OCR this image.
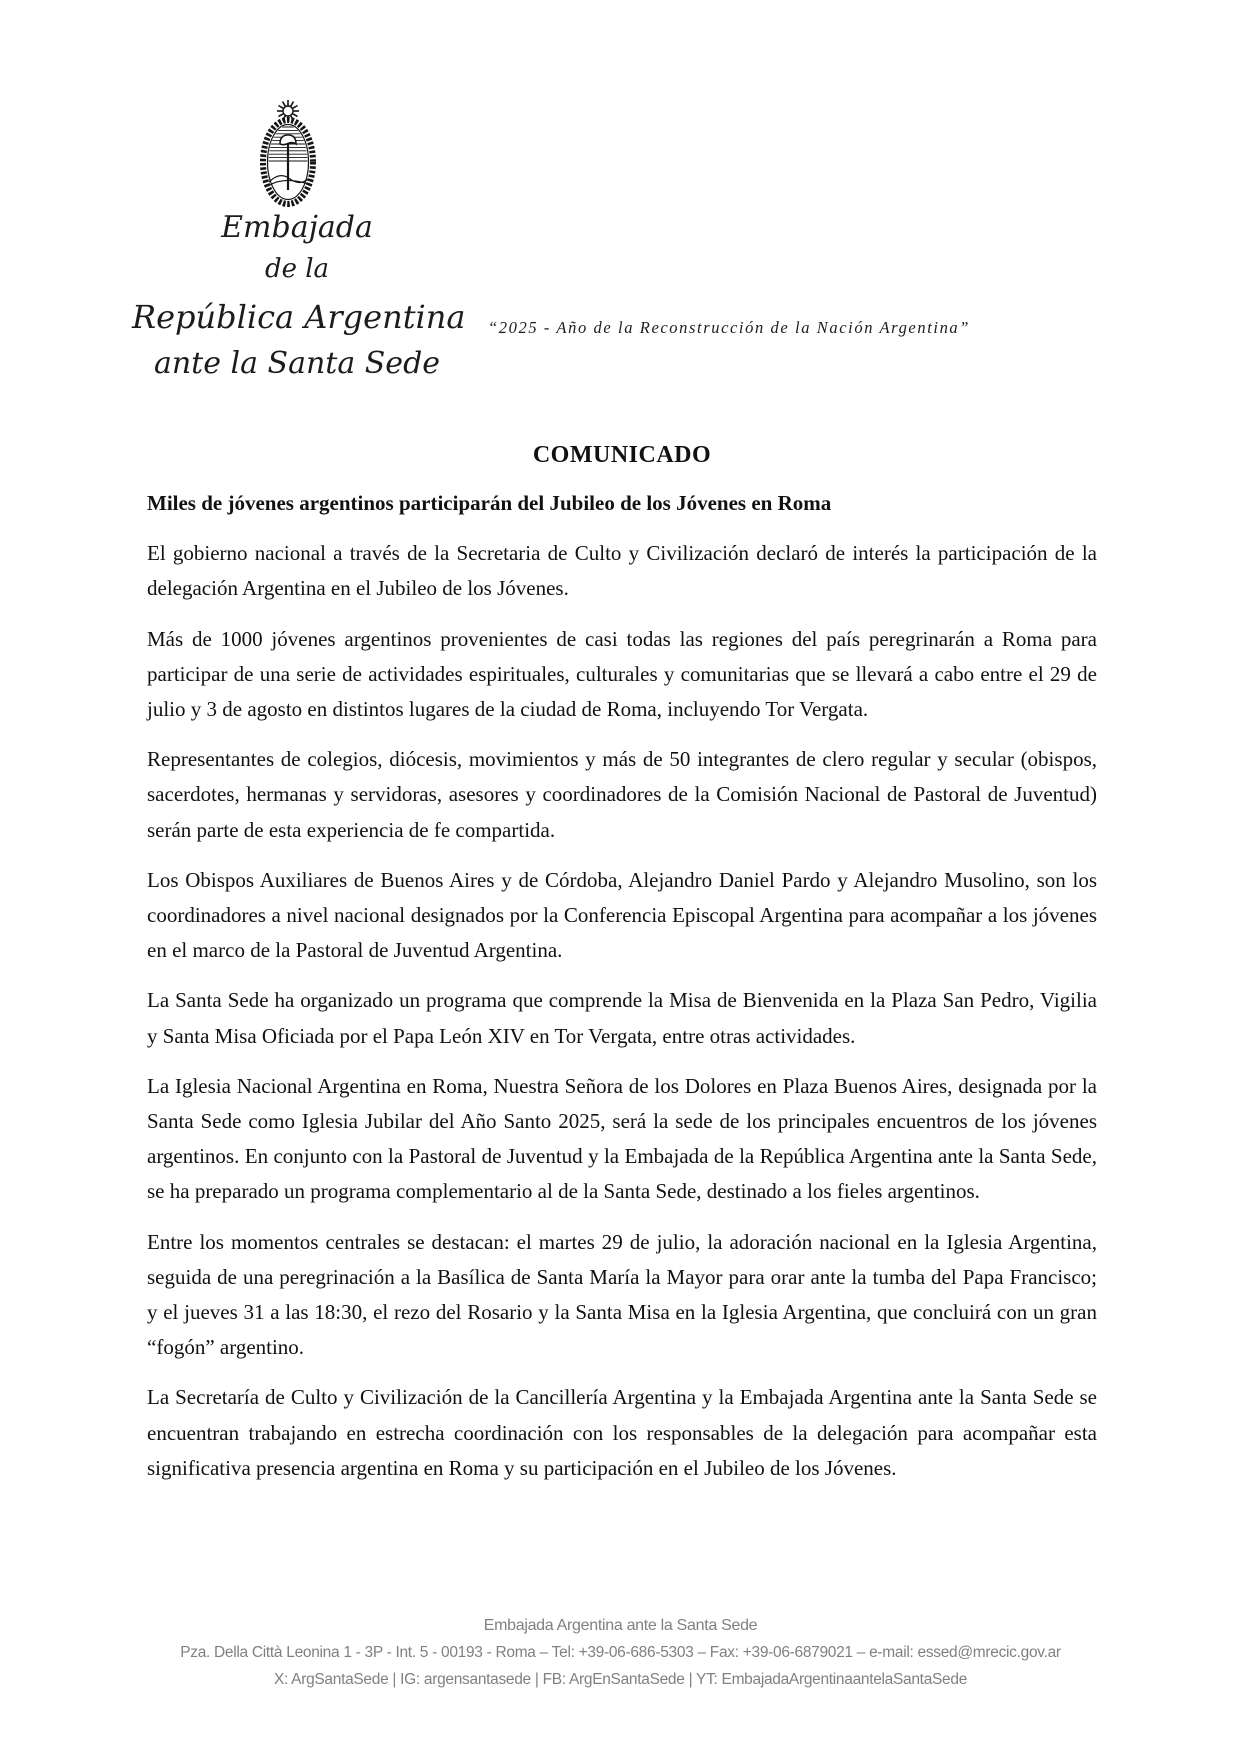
Embajada
de la
República Argentina
ante la Santa Sede
“2025 - Año de la Reconstrucción de la Nación Argentina”
COMUNICADO
Miles de jóvenes argentinos participarán del Jubileo de los Jóvenes en Roma

El gobierno nacional a través de la Secretaria de Culto y Civilización declaró de interés la participación de la delegación Argentina en el Jubileo de los Jóvenes.

Más de 1000 jóvenes argentinos provenientes de casi todas las regiones del país peregrinarán a Roma para participar de una serie de actividades espirituales, culturales y comunitarias que se llevará a cabo entre el 29 de julio y 3 de agosto en distintos lugares de la ciudad de Roma, incluyendo Tor Vergata.

Representantes de colegios, diócesis, movimientos y más de 50 integrantes de clero regular y secular (obispos, sacerdotes, hermanas y servidoras, asesores y coordinadores de la Comisión Nacional de Pastoral de Juventud) serán parte de esta experiencia de fe compartida.

Los Obispos Auxiliares de Buenos Aires y de Córdoba, Alejandro Daniel Pardo y Alejandro Musolino, son los coordinadores a nivel nacional designados por la Conferencia Episcopal Argentina para acompañar a los jóvenes en el marco de la Pastoral de Juventud Argentina.

La Santa Sede ha organizado un programa que comprende la Misa de Bienvenida en la Plaza San Pedro, Vigilia y Santa Misa Oficiada por el Papa León XIV en Tor Vergata, entre otras actividades.

La Iglesia Nacional Argentina en Roma, Nuestra Señora de los Dolores en Plaza Buenos Aires, designada por la Santa Sede como Iglesia Jubilar del Año Santo 2025, será la sede de los principales encuentros de los jóvenes argentinos. En conjunto con la Pastoral de Juventud y la Embajada de la República Argentina ante la Santa Sede, se ha preparado un programa complementario al de la Santa Sede, destinado a los fieles argentinos.

Entre los momentos centrales se destacan: el martes 29 de julio, la adoración nacional en la Iglesia Argentina, seguida de una peregrinación a la Basílica de Santa María la Mayor para orar ante la tumba del Papa Francisco; y el jueves 31 a las 18:30, el rezo del Rosario y la Santa Misa en la Iglesia Argentina, que concluirá con un gran “fogón” argentino.

La Secretaría de Culto y Civilización de la Cancillería Argentina y la Embajada Argentina ante la Santa Sede se encuentran trabajando en estrecha coordinación con los responsables de la delegación para acompañar esta significativa presencia argentina en Roma y su participación en el Jubileo de los Jóvenes.

Embajada Argentina ante la Santa Sede
Pza. Della Città Leonina 1 - 3P - Int. 5 - 00193 - Roma – Tel: +39-06-686-5303 – Fax: +39-06-6879021 – e-mail: essed@mrecic.gov.ar
X: ArgSantaSede | IG: argensantasede | FB: ArgEnSantaSede | YT: EmbajadaArgentinaantelaSantaSede
